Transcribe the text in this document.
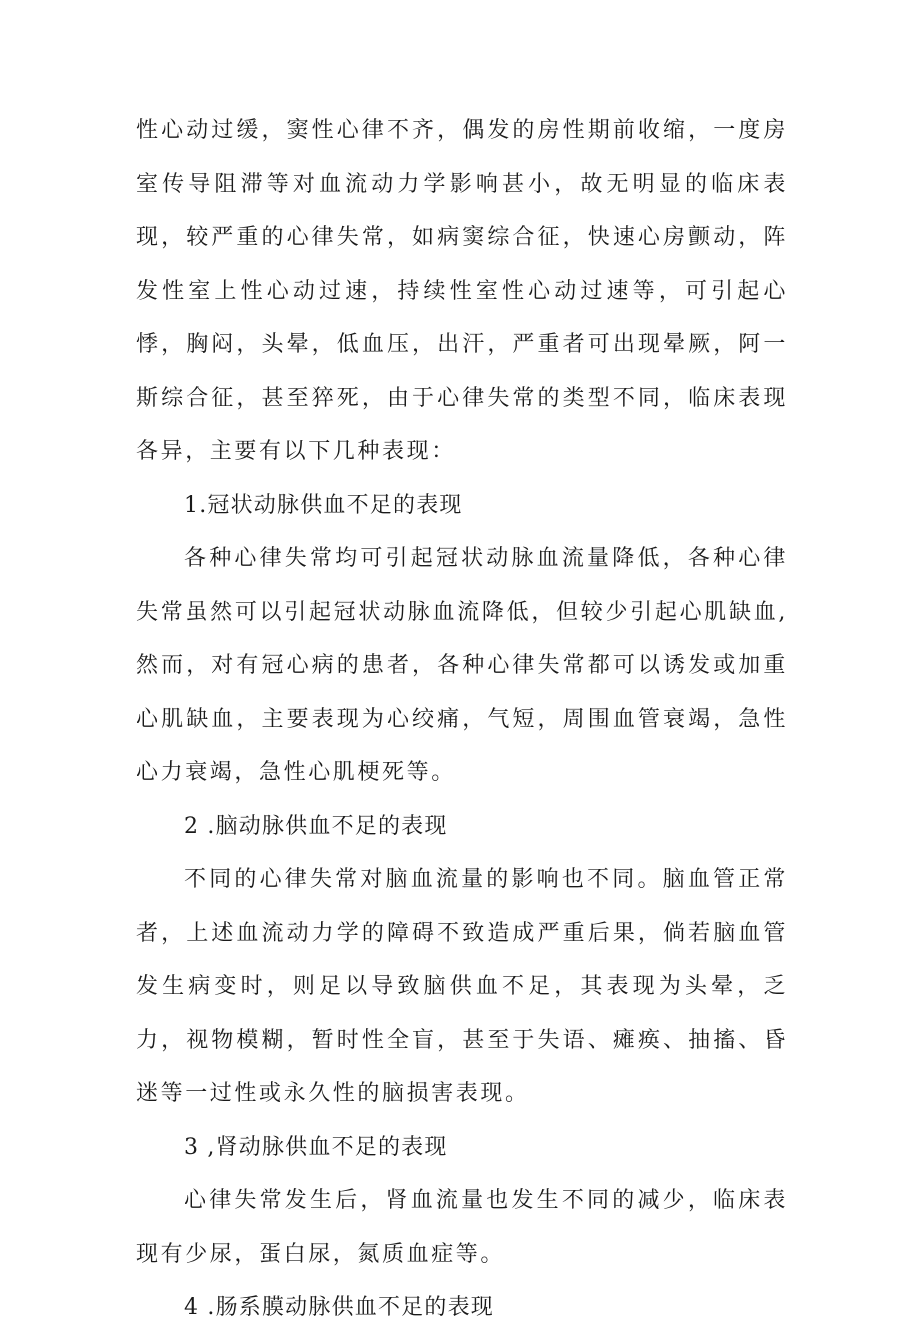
性心动过缓，窦性心律不齐，偶发的房性期前收缩，一度房室传导阻滞等对血流动力学影响甚小，故无明显的临床表现，较严重的心律失常，如病窦综合征，快速心房颤动，阵发性室上性心动过速，持续性室性心动过速等，可引起心悸，胸闷，头晕，低血压，出汗，严重者可出现晕厥，阿一斯综合征，甚至猝死，由于心律失常的类型不同，临床表现各异，主要有以下几种表现：

1.冠状动脉供血不足的表现

各种心律失常均可引起冠状动脉血流量降低，各种心律失常虽然可以引起冠状动脉血流降低，但较少引起心肌缺血,然而，对有冠心病的患者，各种心律失常都可以诱发或加重心肌缺血，主要表现为心绞痛，气短，周围血管衰竭，急性心力衰竭，急性心肌梗死等。

2 .脑动脉供血不足的表现

不同的心律失常对脑血流量的影响也不同。脑血管正常者，上述血流动力学的障碍不致造成严重后果，倘若脑血管发生病变时，则足以导致脑供血不足，其表现为头晕，乏力，视物模糊，暂时性全盲，甚至于失语、瘫痪、抽搐、昏迷等一过性或永久性的脑损害表现。

3 ,肾动脉供血不足的表现

心律失常发生后，肾血流量也发生不同的减少，临床表现有少尿，蛋白尿，氮质血症等。

4 .肠系膜动脉供血不足的表现
